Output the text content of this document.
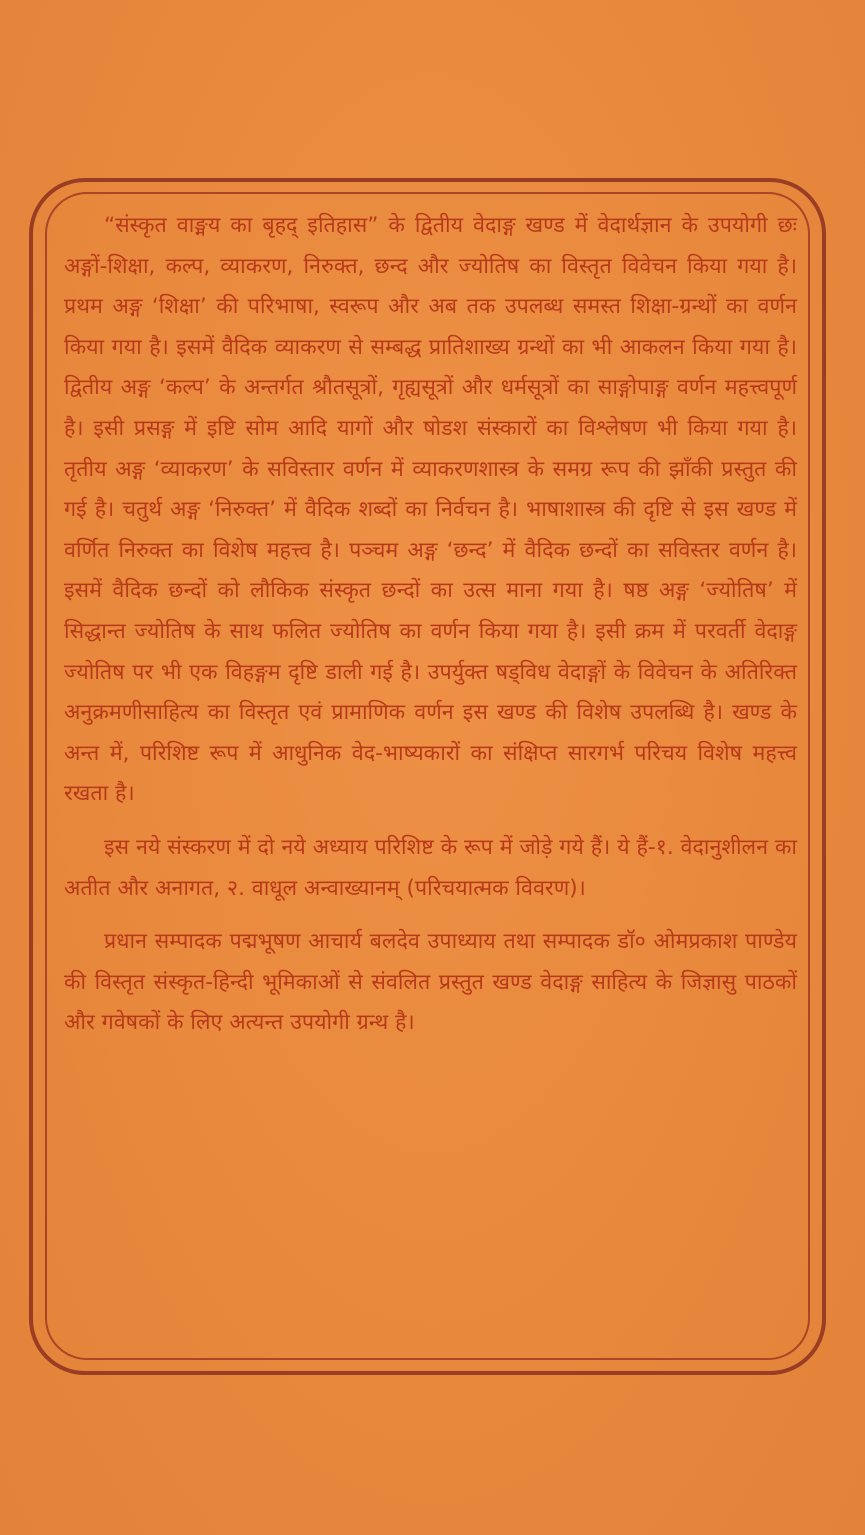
“संस्कृत वाङ्मय का बृहद् इतिहास” के द्वितीय वेदाङ्ग खण्ड में वेदार्थज्ञान के उपयोगी छः अङ्गों-शिक्षा, कल्प, व्याकरण, निरुक्त, छन्द और ज्योतिष का विस्तृत विवेचन किया गया है। प्रथम अङ्ग ‘शिक्षा’ की परिभाषा, स्वरूप और अब तक उपलब्ध समस्त शिक्षा-ग्रन्थों का वर्णन किया गया है। इसमें वैदिक व्याकरण से सम्बद्ध प्रातिशाख्य ग्रन्थों का भी आकलन किया गया है। द्वितीय अङ्ग ‘कल्प’ के अन्तर्गत श्रौतसूत्रों, गृह्यसूत्रों और धर्मसूत्रों का साङ्गोपाङ्ग वर्णन महत्त्वपूर्ण है। इसी प्रसङ्ग में इष्टि सोम आदि यागों और षोडश संस्कारों का विश्लेषण भी किया गया है। तृतीय अङ्ग ‘व्याकरण’ के सविस्तार वर्णन में व्याकरणशास्त्र के समग्र रूप की झाँकी प्रस्तुत की गई है। चतुर्थ अङ्ग ‘निरुक्त’ में वैदिक शब्दों का निर्वचन है। भाषाशास्त्र की दृष्टि से इस खण्ड में वर्णित निरुक्त का विशेष महत्त्व है। पञ्चम अङ्ग ‘छन्द’ में वैदिक छन्दों का सविस्तर वर्णन है। इसमें वैदिक छन्दों को लौकिक संस्कृत छन्दों का उत्स माना गया है। षष्ठ अङ्ग ‘ज्योतिष’ में सिद्धान्त ज्योतिष के साथ फलित ज्योतिष का वर्णन किया गया है। इसी क्रम में परवर्ती वेदाङ्ग ज्योतिष पर भी एक विहङ्गम दृष्टि डाली गई है। उपर्युक्त षड्विध वेदाङ्गों के विवेचन के अतिरिक्त अनुक्रमणीसाहित्य का विस्तृत एवं प्रामाणिक वर्णन इस खण्ड की विशेष उपलब्धि है। खण्ड के अन्त में, परिशिष्ट रूप में आधुनिक वेद-भाष्यकारों का संक्षिप्त सारगर्भ परिचय विशेष महत्त्व रखता है।

इस नये संस्करण में दो नये अध्याय परिशिष्ट के रूप में जोड़े गये हैं। ये हैं-१. वेदानुशीलन का अतीत और अनागत, २. वाधूल अन्वाख्यानम् (परिचयात्मक विवरण)।

प्रधान सम्पादक पद्मभूषण आचार्य बलदेव उपाध्याय तथा सम्पादक डॉ० ओमप्रकाश पाण्डेय की विस्तृत संस्कृत-हिन्दी भूमिकाओं से संवलित प्रस्तुत खण्ड वेदाङ्ग साहित्य के जिज्ञासु पाठकों और गवेषकों के लिए अत्यन्त उपयोगी ग्रन्थ है।
